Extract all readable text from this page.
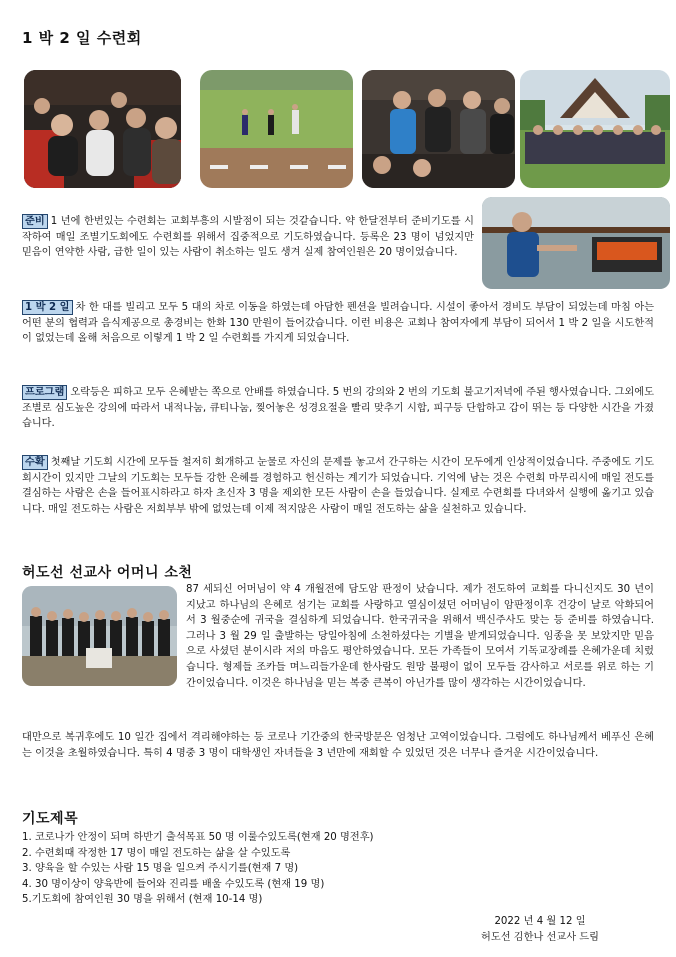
1 박 2 일 수련회
준비 1 년에 한번있는 수련회는 교회부흥의 시발점이 되는 것같습니다. 약 한달전부터 준비기도를 시작하여 매일 조별기도회에도 수련회를 위해서 집중적으로 기도하였습니다. 등록은 23 명이 넘었지만 믿음이 연약한 사람, 급한 일이 있는 사람이 취소하는 일도 생겨 실제 참여인원은 20 명이었습니다.
1 박 2 일 차 한 대를 빌리고 모두 5 대의 차로 이동을 하였는데 아담한 펜션을 빌려습니다. 시설이 좋아서 경비도 부담이 되었는데 마침 아는 어떤 분의 협력과 음식제공으로 총경비는 한화 130 만원이 들어갔습니다. 이런 비용은 교회나 참여자에게 부담이 되어서 1 박 2 일을 시도한적이 없었는데 올해 처음으로 이렇게 1 박 2 일 수련회를 가지게 되었습니다.
프로그램 오락등은 피하고 모두 은혜받는 쪽으로 안배를 하였습니다. 5 번의 강의와 2 번의 기도회 불고기저녁에 주된 행사였습니다. 그외에도 조별로 심도높은 강의에 따라서 내적나눔, 큐티나눔, 찢어놓은 성경요절을 빨리 맞추기 시합, 피구등 단합하고 갑이 뛰는 등 다양한 시간을 가졌습니다.
수확 첫째날 기도회 시간에 모두들 철저히 회개하고 눈물로 자신의 문제를 놓고서 간구하는 시간이 모두에게 인상적이었습니다. 주중에도 기도회시간이 있지만 그날의 기도회는 모두들 강한 은혜를 경험하고 헌신하는 계기가 되었습니다. 기억에 남는 것은 수련회 마무리시에 매일 전도를 결심하는 사람은 손을 들어표시하라고 하자 초신자 3 명을 제외한 모든 사람이 손을 들었습니다. 실제로 수련회를 다녀와서 실행에 옮기고 있습니다. 매일 전도하는 사람은 저희부부 밖에 없었는데 이제 적지않은 사람이 매일 전도하는 삶을 실천하고 있습니다.
허도선 선교사 어머니 소천
87 세되신 어머님이 약 4 개월전에 담도암 판정이 났습니다. 제가 전도하여 교회를 다니신지도 30 년이 지났고 하나님의 은혜로 섬기는 교회를 사랑하고 열심이셨던 어머님이 암판정이후 건강이 날로 악화되어서 3 월중순에 귀국을 결심하게 되었습니다. 한국귀국을 위해서 백신주사도 맞는 등 준비를 하였습니다. 그러나 3 월 29 일 출발하는 당일아침에 소천하셨다는 기별을 받게되었습니다. 임종을 못 보았지만 믿음으로 사셨던 분이시라 저의 마음도 평안하였습니다. 모든 가족들이 모여서 기독교장례를 은혜가운데 치렀습니다. 형제들 조카들 며느리들가운데 한사람도 원망 불평이 없이 모두들 감사하고 서로를 위로 하는 기간이었습니다. 이것은 하나님을 믿는 복중 큰복이 아닌가를 많이 생각하는 시간이었습니다.
대만으로 복귀후에도 10 일간 집에서 격리해야하는 등 코로나 기간중의 한국방문은 엄청난 고역이었습니다. 그럼에도 하나님께서 베푸신 은혜는 이것을 초월하였습니다. 특히 4 명중 3 명이 대학생인 자녀들을 3 년만에 재회할 수 있었던 것은 너무나 즐거운 시간이었습니다.
기도제목
1. 코로나가 안정이 되며 하반기 출석목표 50 명 이룰수있도록(현재 20 명전후)
2. 수련회때 작정한 17 명이 매일 전도하는 삶을 살 수있도록
3. 양육을 할 수있는 사람 15 명을 일으켜 주시기를(현재 7 명)
4. 30 명이상이 양육반에 들어와 진리를 배울 수있도록 (현재 19 명)
5.기도회에 참여인원 30 명을 위해서 (현재 10-14 명)
2022 년 4 월 12 일
허도선 김한나 선교사 드림
